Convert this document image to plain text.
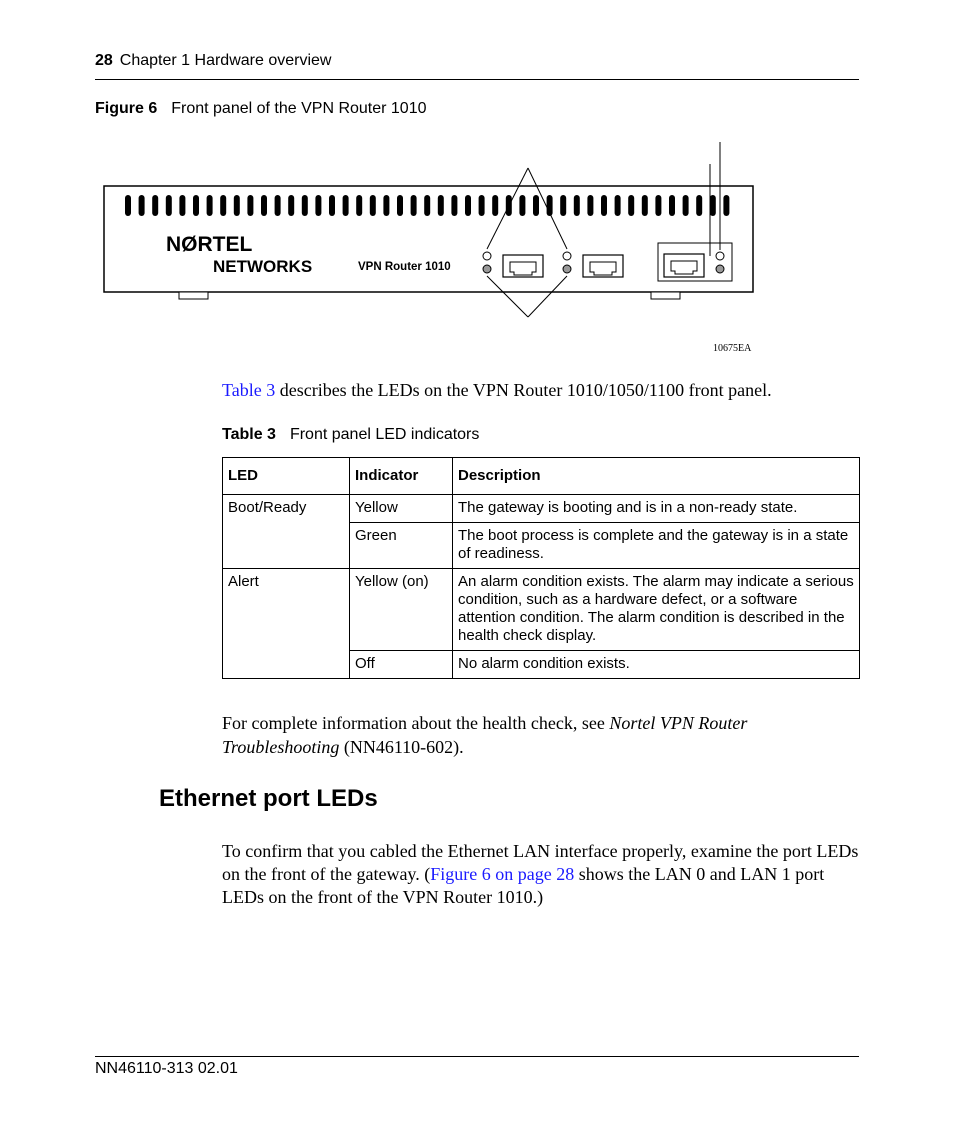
28 Chapter 1 Hardware overview
Figure 6 Front panel of the VPN Router 1010
NØRTEL
NETWORKS	VPN Router 1010
10675EA
Table 3 describes the LEDs on the VPN Router 1010/1050/1100 front panel.
Table 3 Front panel LED indicators
LED	Indicator	Description
Boot/Ready	Yellow	The gateway is booting and is in a non-ready state.
	Green	The boot process is complete and the gateway is in a state of readiness.
Alert	Yellow (on)	An alarm condition exists. The alarm may indicate a serious condition, such as a hardware defect, or a software attention condition. The alarm condition is described in the health check display.
	Off	No alarm condition exists.
For complete information about the health check, see Nortel VPN Router Troubleshooting (NN46110-602).
Ethernet port LEDs
To confirm that you cabled the Ethernet LAN interface properly, examine the port LEDs on the front of the gateway. (Figure 6 on page 28 shows the LAN 0 and LAN 1 port LEDs on the front of the VPN Router 1010.)
NN46110-313 02.01
